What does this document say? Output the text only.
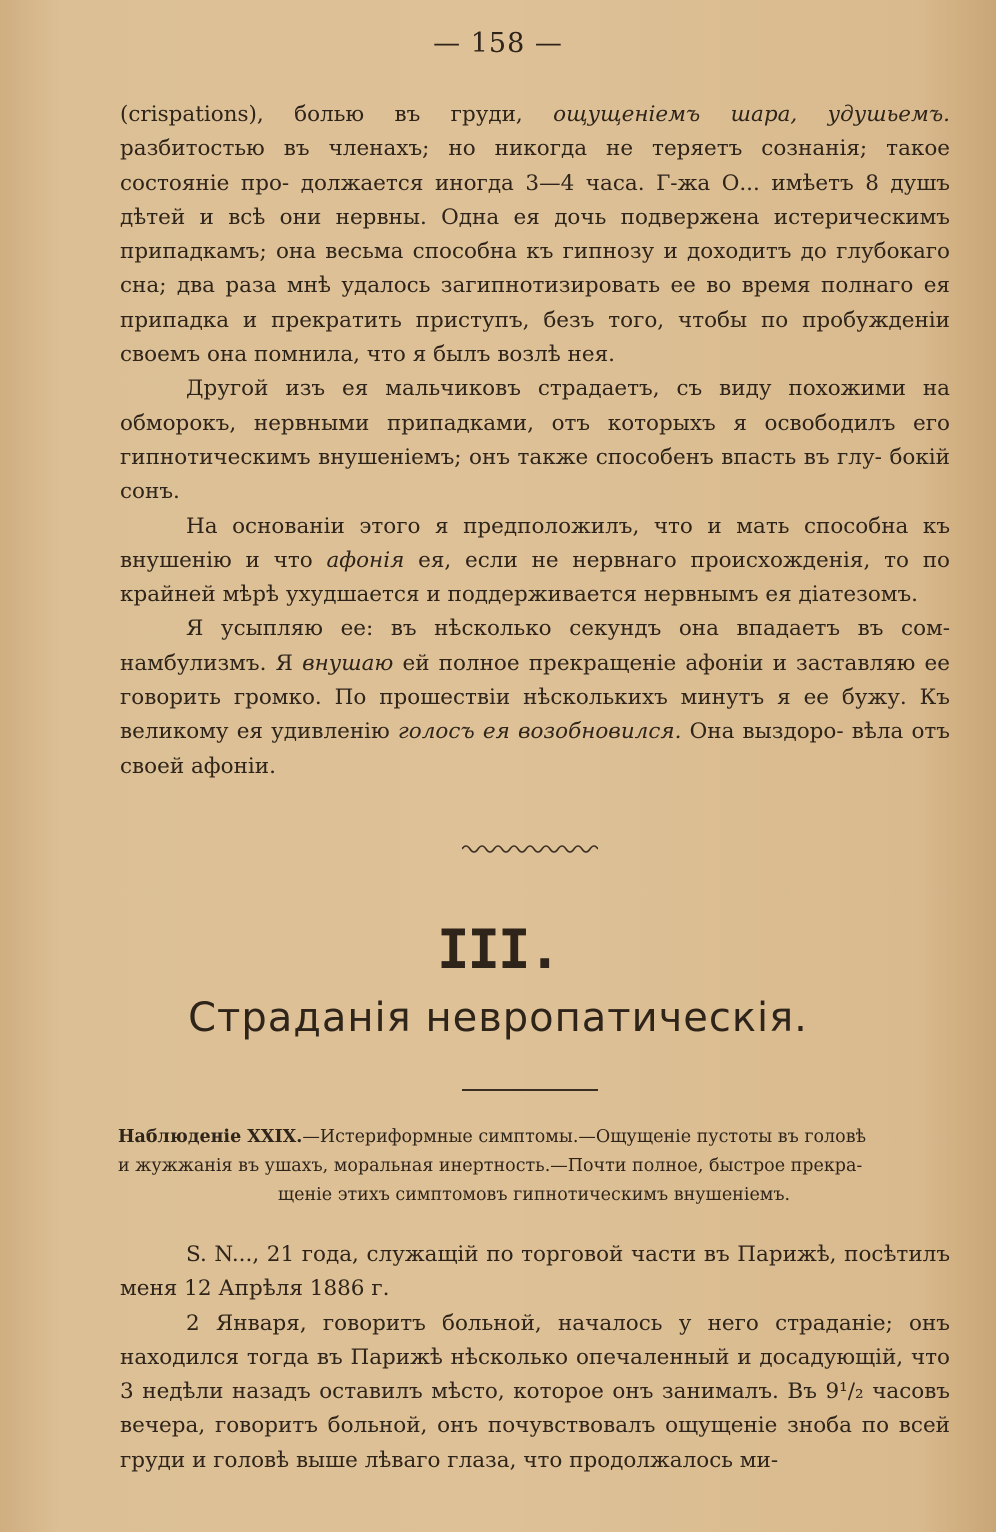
— 158 —

(crispations), болью въ груди, ощущеніемъ шара, удушьемъ. разбитостью въ членахъ; но никогда не теряетъ сознанія; такое состояніе про- должается иногда 3—4 часа. Г-жа О... имѣетъ 8 душъ дѣтей и всѣ они нервны. Одна ея дочь подвержена истерическимъ припадкамъ; она весьма способна къ гипнозу и доходитъ до глубокаго сна; два раза мнѣ удалось загипнотизировать ее во время полнаго ея припадка и прекратить приступъ, безъ того, чтобы по пробужденіи своемъ она помнила, что я былъ возлѣ нея.

Другой изъ ея мальчиковъ страдаетъ, съ виду похожими на обморокъ, нервными припадками, отъ которыхъ я освободилъ его гипнотическимъ внушеніемъ; онъ также способенъ впасть въ глу- бокій сонъ.

На основаніи этого я предположилъ, что и мать способна къ внушенію и что афонія ея, если не нервнаго происхожденія, то по крайней мѣрѣ ухудшается и поддерживается нервнымъ ея діатезомъ.

Я усыпляю ее: въ нѣсколько секундъ она впадаетъ въ сом- намбулизмъ. Я внушаю ей полное прекращеніе афоніи и заставляю ее говорить громко. По прошествіи нѣсколькихъ минутъ я ее бужу. Къ великому ея удивленію голосъ ея возобновился. Она выздоро- вѣла отъ своей афоніи.

III.
Страданія невропатическія.
Наблюденіе XXIX.—Истериформные симптомы.—Ощущеніе пустоты въ головѣ
и жужжанія въ ушахъ, моральная инертность.—Почти полное, быстрое прекра-

щеніе этихъ симптомовъ гипнотическимъ внушеніемъ.

S. N..., 21 года, служащій по торговой части въ Парижѣ, посѣтилъ меня 12 Апрѣля 1886 г.

2 Января, говоритъ больной, началось у него страданіе; онъ находился тогда въ Парижѣ нѣсколько опечаленный и досадующій, что 3 недѣли назадъ оставилъ мѣсто, которое онъ занималъ. Въ 9¹/₂ часовъ вечера, говоритъ больной, онъ почувствовалъ ощущеніе зноба по всей груди и головѣ выше лѣваго глаза, что продолжалось ми-
